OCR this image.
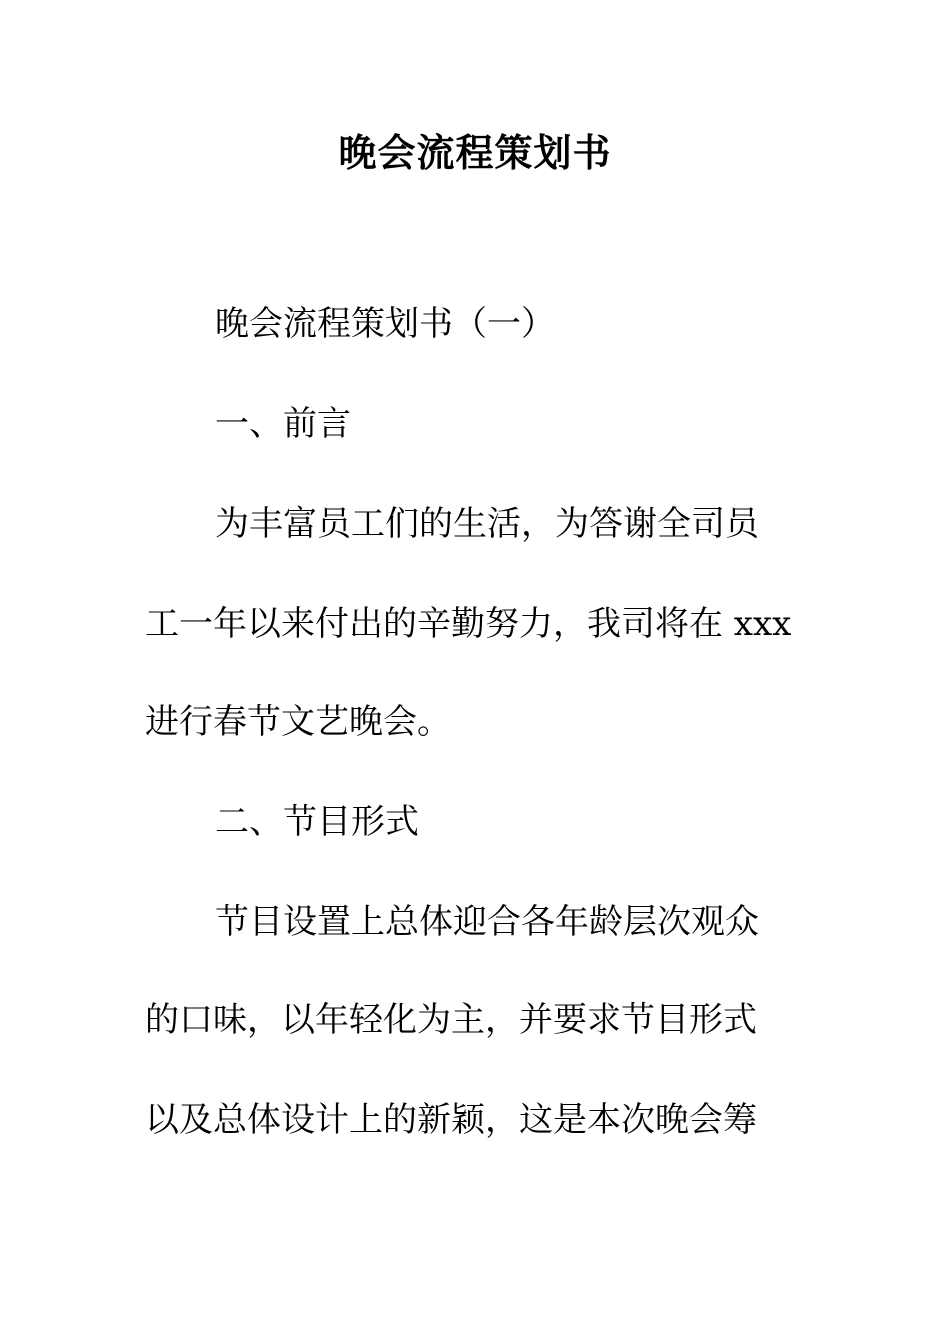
晚会流程策划书

晚会流程策划书（一）

一、前言

为丰富员工们的生活，为答谢全司员

工一年以来付出的辛勤努力，我司将在 xxx

进行春节文艺晚会。

二、节目形式

节目设置上总体迎合各年龄层次观众

的口味，以年轻化为主，并要求节目形式

以及总体设计上的新颖，这是本次晚会筹
